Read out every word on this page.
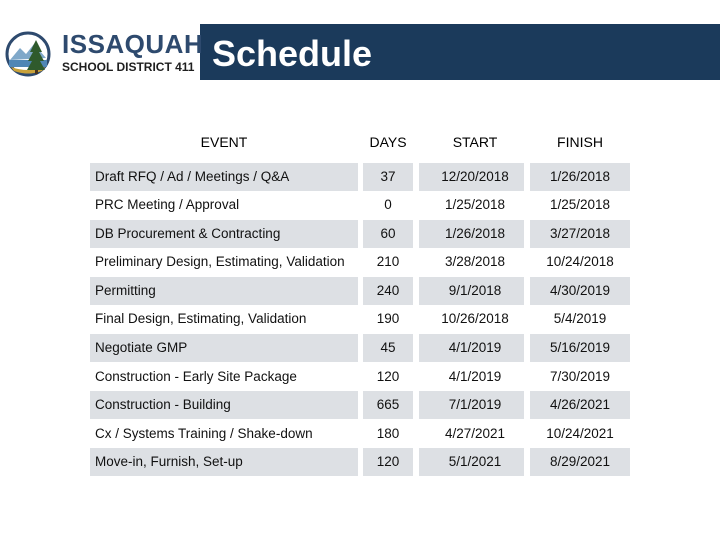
ISSAQUAH
SCHOOL DISTRICT 411 Schedule
EVENT	DAYS	START	FINISH
Draft RFQ / Ad / Meetings / Q&A	37	12/20/2018	1/26/2018
PRC Meeting / Approval	0	1/25/2018	1/25/2018
DB Procurement & Contracting	60	1/26/2018	3/27/2018
Preliminary Design, Estimating, Validation	210	3/28/2018	10/24/2018
Permitting	240	9/1/2018	4/30/2019
Final Design, Estimating, Validation	190	10/26/2018	5/4/2019
Negotiate GMP	45	4/1/2019	5/16/2019
Construction - Early Site Package	120	4/1/2019	7/30/2019
Construction - Building	665	7/1/2019	4/26/2021
Cx / Systems Training / Shake-down	180	4/27/2021	10/24/2021
Move-in, Furnish, Set-up	120	5/1/2021	8/29/2021
